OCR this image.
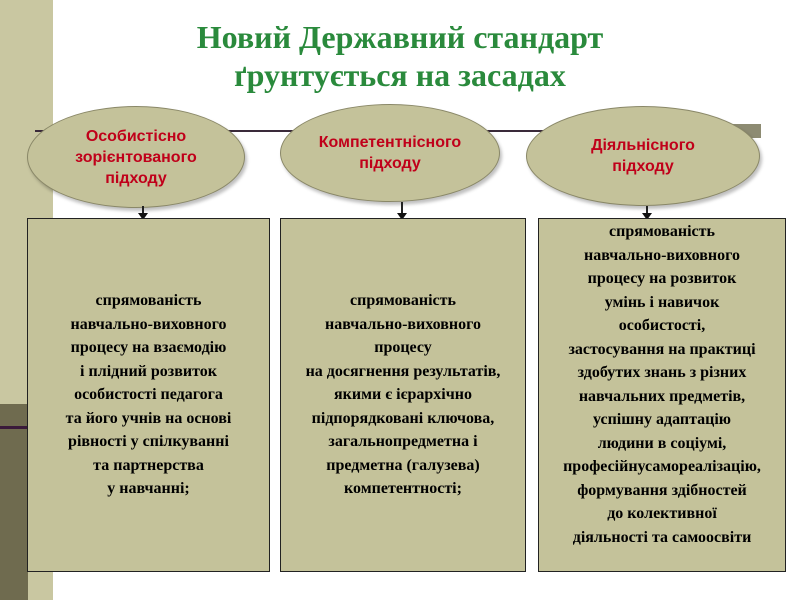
Новий Державний стандарт
ґрунтується на засадах
Особистісно
зорієнтованого
підходу
Компетентнісного
підходу
Діяльнісного
підходу
спрямованість
навчально-виховного
процесу на взаємодію
і плідний розвиток
особистості педагога
та його учнів на основі
рівності у спілкуванні
та партнерства
у навчанні;
спрямованість
навчально-виховного
процесу
на досягнення результатів,
якими є ієрархічно
підпорядковані ключова,
загальнопредметна і
предметна (галузева)
компетентності;
спрямованість
навчально-виховного
процесу на розвиток
умінь і навичок
особистості,
застосування на практиці
здобутих знань з різних
навчальних предметів,
успішну адаптацію
людини в соціумі,
професійнусамореалізацію,
формування здібностей
до колективної
діяльності та самоосвіти
